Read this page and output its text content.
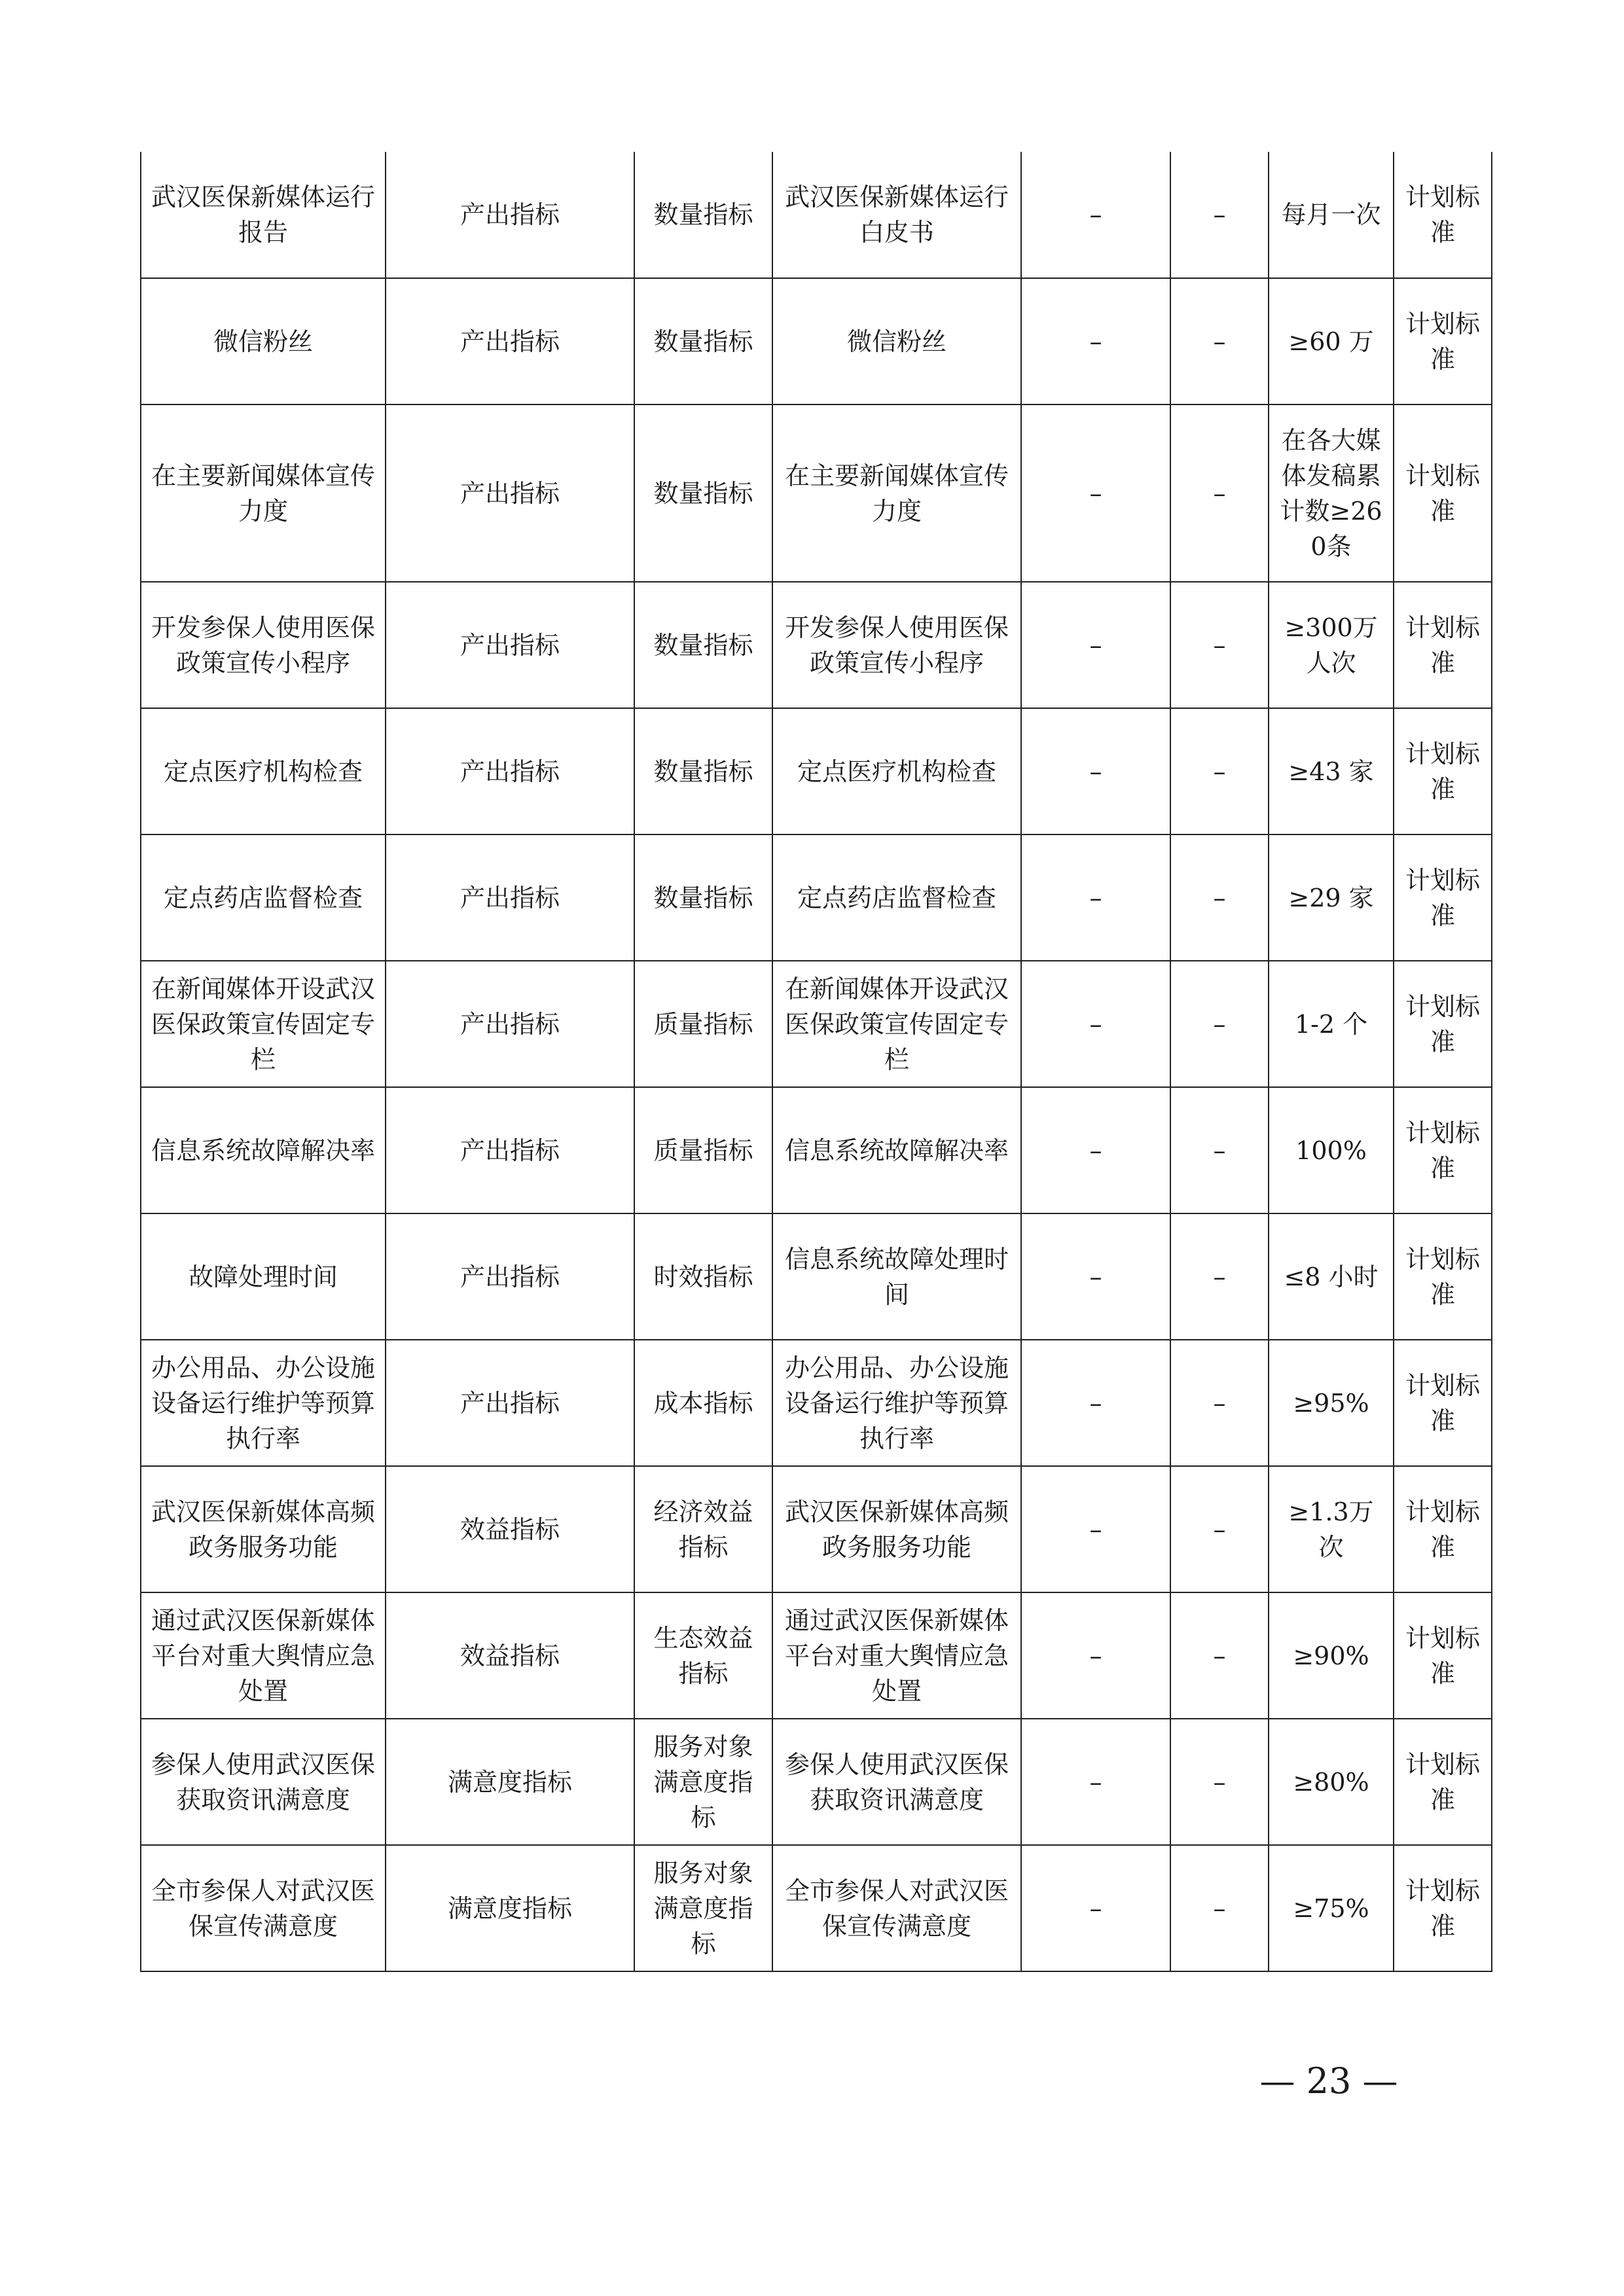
武汉医保新媒体运行报告	产出指标	数量指标	武汉医保新媒体运行白皮书	–	–	每月一次	计划标准
微信粉丝	产出指标	数量指标	微信粉丝	–	–	≥60 万	计划标准
在主要新闻媒体宣传力度	产出指标	数量指标	在主要新闻媒体宣传力度	–	–	在各大媒体发稿累计数≥260条	计划标准
开发参保人使用医保政策宣传小程序	产出指标	数量指标	开发参保人使用医保政策宣传小程序	–	–	≥300万人次	计划标准
定点医疗机构检查	产出指标	数量指标	定点医疗机构检查	–	–	≥43 家	计划标准
定点药店监督检查	产出指标	数量指标	定点药店监督检查	–	–	≥29 家	计划标准
在新闻媒体开设武汉医保政策宣传固定专栏	产出指标	质量指标	在新闻媒体开设武汉医保政策宣传固定专栏	–	–	1-2 个	计划标准
信息系统故障解决率	产出指标	质量指标	信息系统故障解决率	–	–	100%	计划标准
故障处理时间	产出指标	时效指标	信息系统故障处理时间	–	–	≤8 小时	计划标准
办公用品、办公设施设备运行维护等预算执行率	产出指标	成本指标	办公用品、办公设施设备运行维护等预算执行率	–	–	≥95%	计划标准
武汉医保新媒体高频政务服务功能	效益指标	经济效益指标	武汉医保新媒体高频政务服务功能	–	–	≥1.3万次	计划标准
通过武汉医保新媒体平台对重大舆情应急处置	效益指标	生态效益指标	通过武汉医保新媒体平台对重大舆情应急处置	–	–	≥90%	计划标准
参保人使用武汉医保获取资讯满意度	满意度指标	服务对象满意度指标	参保人使用武汉医保获取资讯满意度	–	–	≥80%	计划标准
全市参保人对武汉医保宣传满意度	满意度指标	服务对象满意度指标	全市参保人对武汉医保宣传满意度	–	–	≥75%	计划标准
— 23 —
